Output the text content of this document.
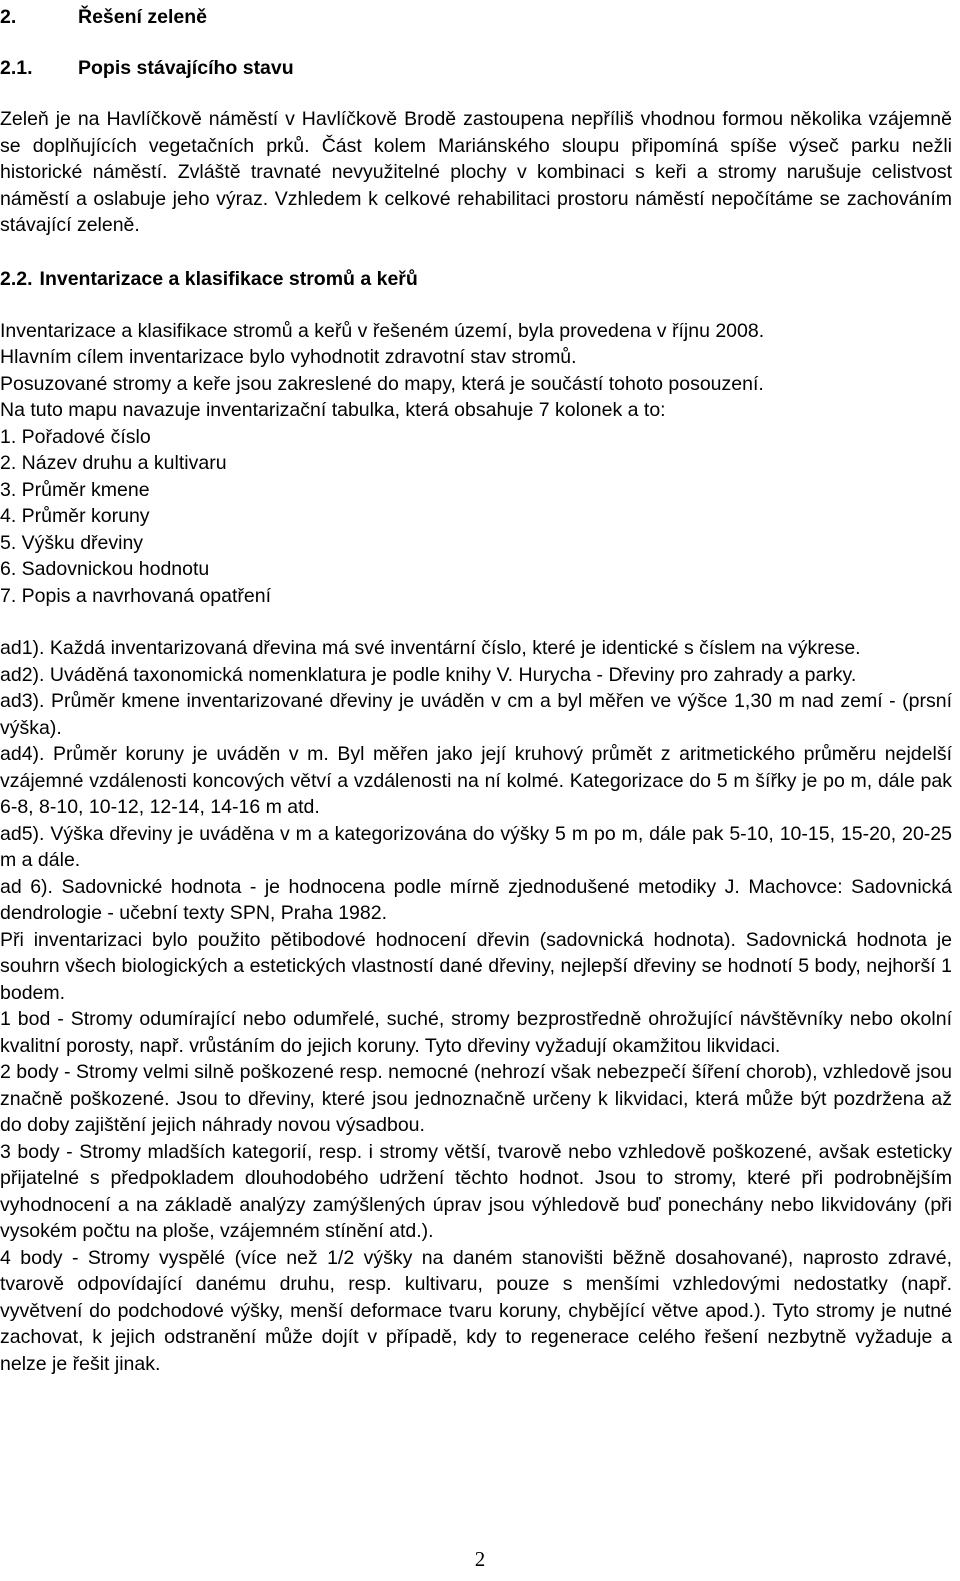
2.	Řešení zeleně
2.1.	Popis stávajícího stavu

Zeleň je na Havlíčkově náměstí v Havlíčkově Brodě zastoupena nepříliš vhodnou formou několika vzájemně se doplňujících vegetačních prků. Část kolem Mariánského sloupu připomíná spíše výseč parku nežli historické náměstí. Zvláště travnaté nevyužitelné plochy v kombinaci s keři a stromy narušuje celistvost náměstí a oslabuje jeho výraz. Vzhledem k celkové rehabilitaci prostoru náměstí nepočítáme se zachováním stávající zeleně.

2.2. Inventarizace a klasifikace stromů a keřů

Inventarizace a klasifikace stromů a keřů v řešeném území, byla provedena v říjnu 2008.

Hlavním cílem inventarizace bylo vyhodnotit zdravotní stav stromů.

Posuzované stromy a keře jsou zakreslené do mapy, která je součástí tohoto posouzení.

Na tuto mapu navazuje inventarizační tabulka, která obsahuje 7 kolonek a to:

1. Pořadové číslo
2. Název druhu a kultivaru
3. Průměr kmene
4. Průměr koruny
5. Výšku dřeviny
6. Sadovnickou hodnotu
7. Popis a navrhovaná opatření

ad1). Každá inventarizovaná dřevina má své inventární číslo, které je identické s číslem na výkrese.

ad2). Uváděná taxonomická nomenklatura je podle knihy V. Hurycha - Dřeviny pro zahrady a parky.

ad3). Průměr kmene inventarizované dřeviny je uváděn v cm a byl měřen ve výšce 1,30 m nad zemí - (prsní výška).

ad4). Průměr koruny je uváděn v m. Byl měřen jako její kruhový průmět z aritmetického průměru nejdelší vzájemné vzdálenosti koncových větví a vzdálenosti na ní kolmé. Kategorizace do 5 m šířky je po m, dále pak 6-8, 8-10, 10-12, 12-14, 14-16 m atd.

ad5). Výška dřeviny je uváděna v m a kategorizována do výšky 5 m po m, dále pak 5-10, 10-15, 15-20, 20-25 m a dále.

ad 6). Sadovnické hodnota - je hodnocena podle mírně zjednodušené metodiky J. Machovce: Sadovnická dendrologie - učební texty SPN, Praha 1982.

Při inventarizaci bylo použito pětibodové hodnocení dřevin (sadovnická hodnota). Sadovnická hodnota je souhrn všech biologických a estetických vlastností dané dřeviny, nejlepší dřeviny se hodnotí 5 body, nejhorší 1 bodem.

1 bod - Stromy odumírající nebo odumřelé, suché, stromy bezprostředně ohrožující návštěvníky nebo okolní kvalitní porosty, např. vrůstáním do jejich koruny. Tyto dřeviny vyžadují okamžitou likvidaci.

2 body - Stromy velmi silně poškozené resp. nemocné (nehrozí však nebezpečí šíření chorob), vzhledově jsou značně poškozené. Jsou to dřeviny, které jsou jednoznačně určeny k likvidaci, která může být pozdržena až do doby zajištění jejich náhrady novou výsadbou.

3 body - Stromy mladších kategorií, resp. i stromy větší, tvarově nebo vzhledově poškozené, avšak esteticky přijatelné s předpokladem dlouhodobého udržení těchto hodnot. Jsou to stromy, které při podrobnějším vyhodnocení a na základě analýzy zamýšlených úprav jsou výhledově buď ponechány nebo likvidovány (při vysokém počtu na ploše, vzájemném stínění atd.).

4 body - Stromy vyspělé (více než 1/2 výšky na daném stanovišti běžně dosahované), naprosto zdravé, tvarově odpovídající danému druhu, resp. kultivaru, pouze s menšími vzhledovými nedostatky (např. vyvětvení do podchodové výšky, menší deformace tvaru koruny, chybějící větve apod.). Tyto stromy je nutné zachovat, k jejich odstranění může dojít v případě, kdy to regenerace celého řešení nezbytně vyžaduje a nelze je řešit jinak.

2
